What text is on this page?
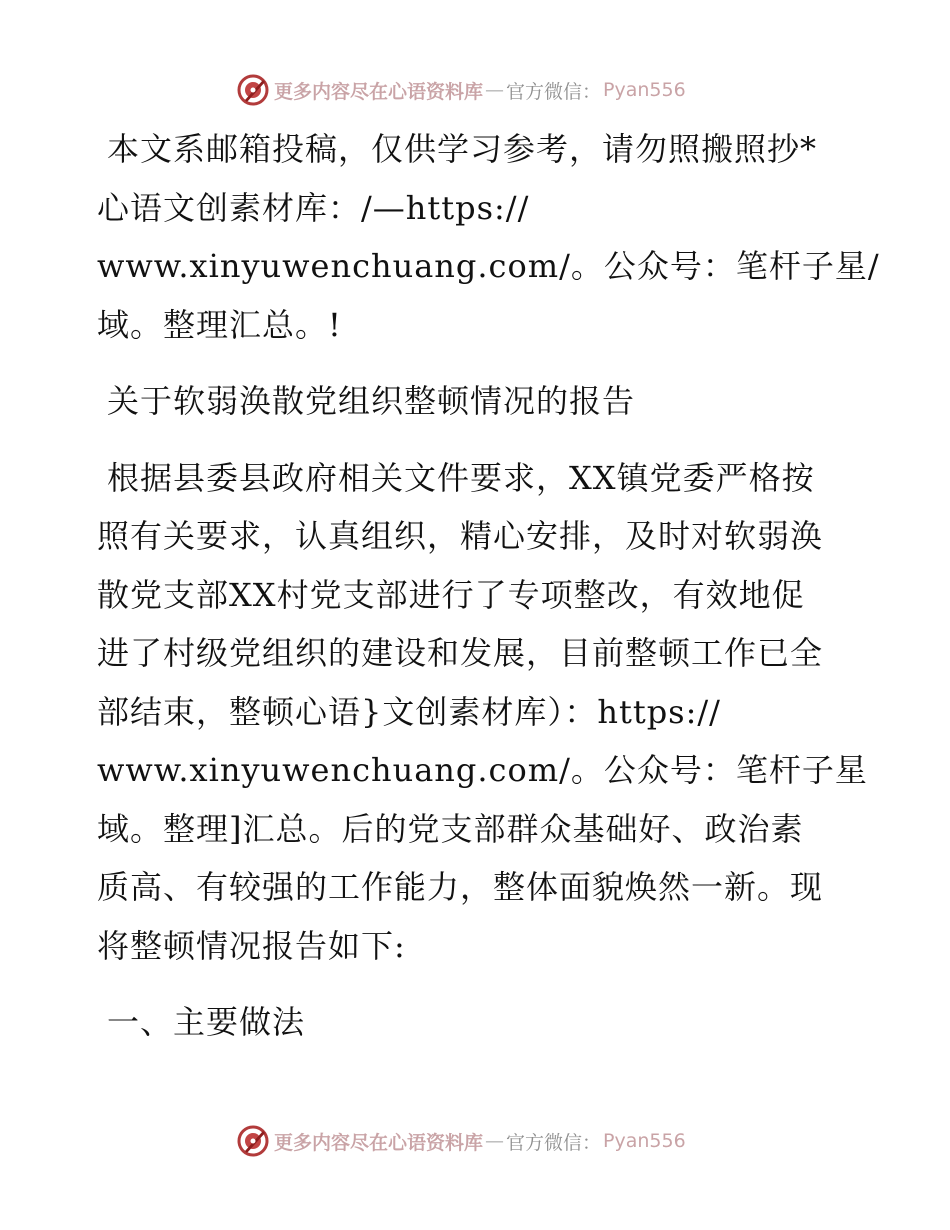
更多内容尽在心语资料库 — 官方微信： Pyan556

本文系邮箱投稿，仅供学习参考，请勿照搬照抄*
心语文创素材库：/—https://
www.xinyuwenchuang.com/。公众号：笔杆子星/
域。整理汇总。!

关于软弱涣散党组织整顿情况的报告

根据县委县政府相关文件要求，XX镇党委严格按
照有关要求，认真组织，精心安排，及时对软弱涣
散党支部XX村党支部进行了专项整改，有效地促
进了村级党组织的建设和发展，目前整顿工作已全
部结束，整顿心语}文创素材库）：https://
www.xinyuwenchuang.com/。公众号：笔杆子星
域。整理]汇总。后的党支部群众基础好、政治素
质高、有较强的工作能力，整体面貌焕然一新。现
将整顿情况报告如下:

一、主要做法

更多内容尽在心语资料库 — 官方微信： Pyan556
